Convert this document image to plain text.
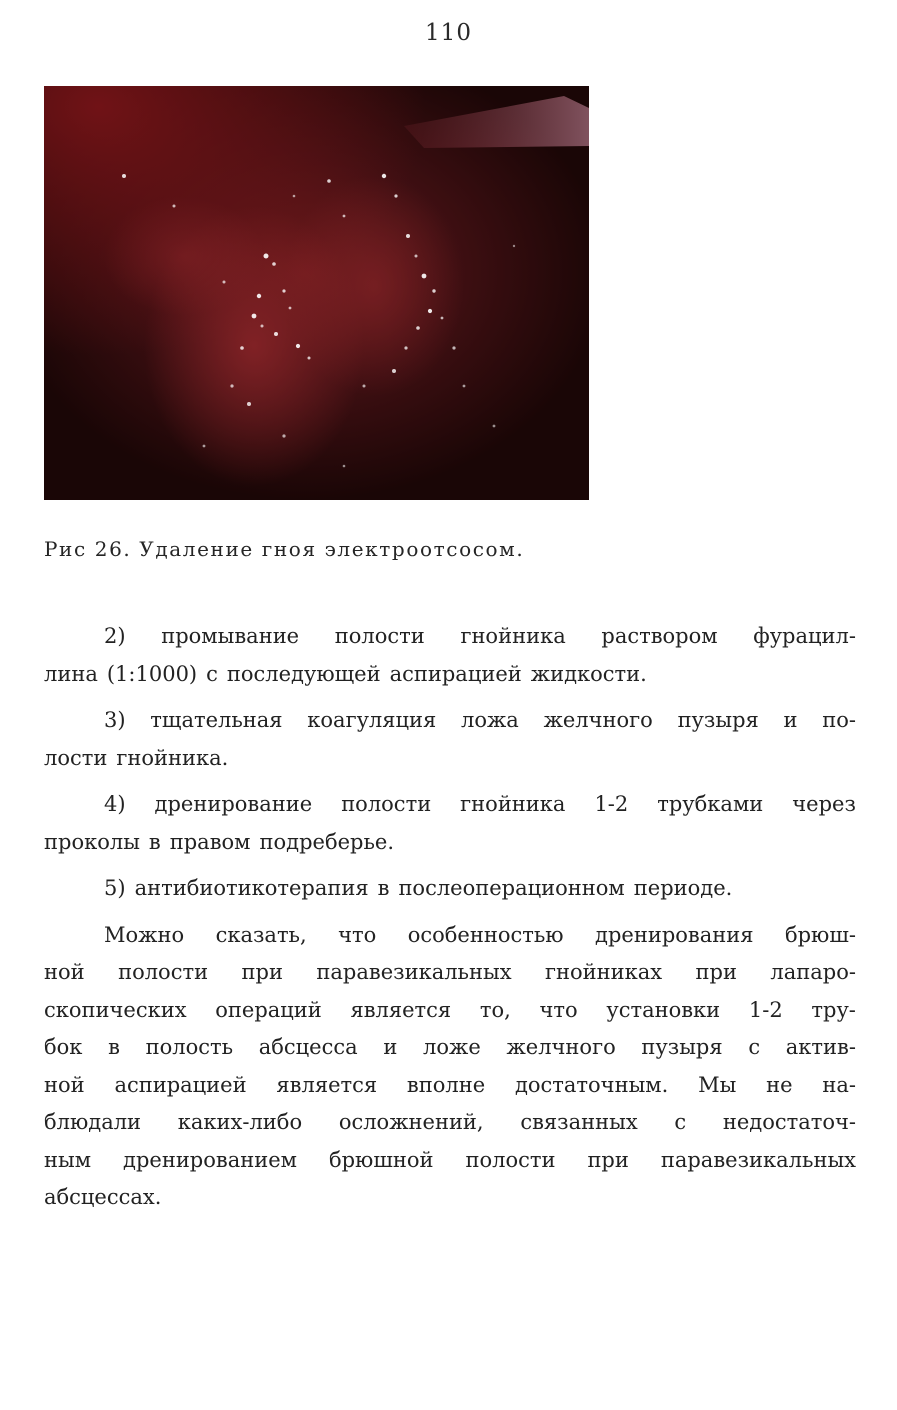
110
Рис 26. Удаление гноя электроотсосом.
2) промывание полости гнойника раствором фурацил-
лина (1:1000) с последующей аспирацией жидкости.
3) тщательная коагуляция ложа желчного пузыря и по-
лости гнойника.
4) дренирование полости гнойника 1-2 трубками через
проколы в правом подреберье.
5) антибиотикотерапия в послеоперационном периоде.
Можно сказать, что особенностью дренирования брюш-
ной полости при паравезикальных гнойниках при лапаро-
скопических операций является то, что установки 1-2 тру-
бок в полость абсцесса и ложе желчного пузыря с актив-
ной аспирацией является вполне достаточным. Мы не на-
блюдали каких-либо осложнений, связанных с недостаточ-
ным дренированием брюшной полости при паравезикальных
абсцессах.
